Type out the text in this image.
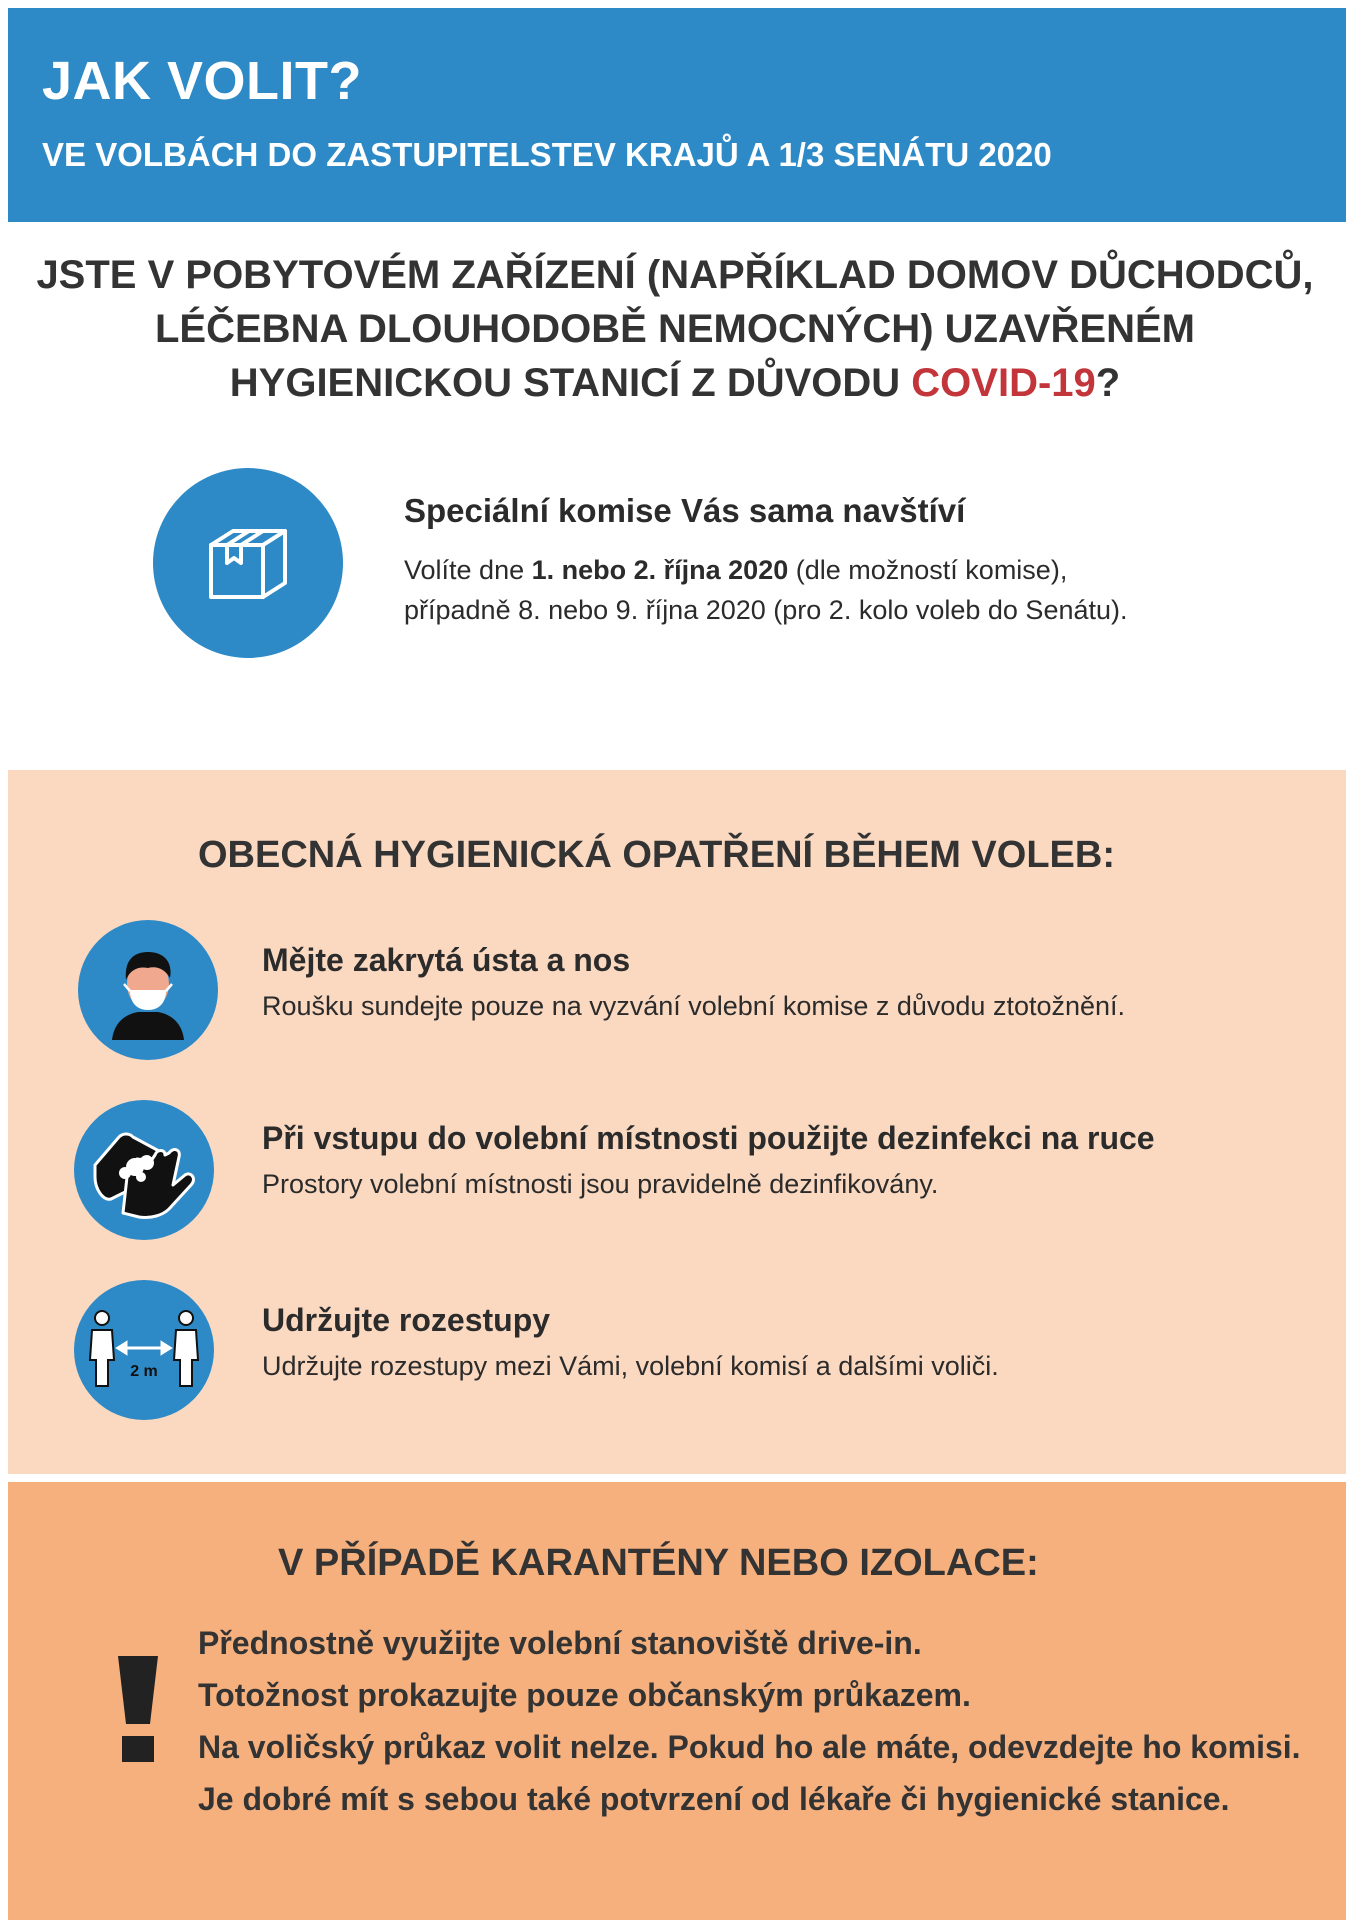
JAK VOLIT?
VE VOLBÁCH DO ZASTUPITELSTEV KRAJŮ A 1/3 SENÁTU 2020
JSTE V POBYTOVÉM ZAŘÍZENÍ (NAPŘÍKLAD DOMOV DŮCHODCŮ, LÉČEBNA DLOUHODOBĚ NEMOCNÝCH) UZAVŘENÉM HYGIENICKOU STANICÍ Z DŮVODU COVID-19?
Speciální komise Vás sama navštíví
Volíte dne 1. nebo 2. října 2020 (dle možností komise),
případně 8. nebo 9. října 2020 (pro 2. kolo voleb do Senátu).
OBECNÁ HYGIENICKÁ OPATŘENÍ BĚHEM VOLEB:
Mějte zakrytá ústa a nos
Roušku sundejte pouze na vyzvání volební komise z důvodu ztotožnění.
Při vstupu do volební místnosti použijte dezinfekci na ruce
Prostory volební místnosti jsou pravidelně dezinfikovány.
2 m
Udržujte rozestupy
Udržujte rozestupy mezi Vámi, volební komisí a dalšími voliči.
V PŘÍPADĚ KARANTÉNY NEBO IZOLACE:
Přednostně využijte volební stanoviště drive-in.
Totožnost prokazujte pouze občanským průkazem.
Na voličský průkaz volit nelze. Pokud ho ale máte, odevzdejte ho komisi.
Je dobré mít s sebou také potvrzení od lékaře či hygienické stanice.
